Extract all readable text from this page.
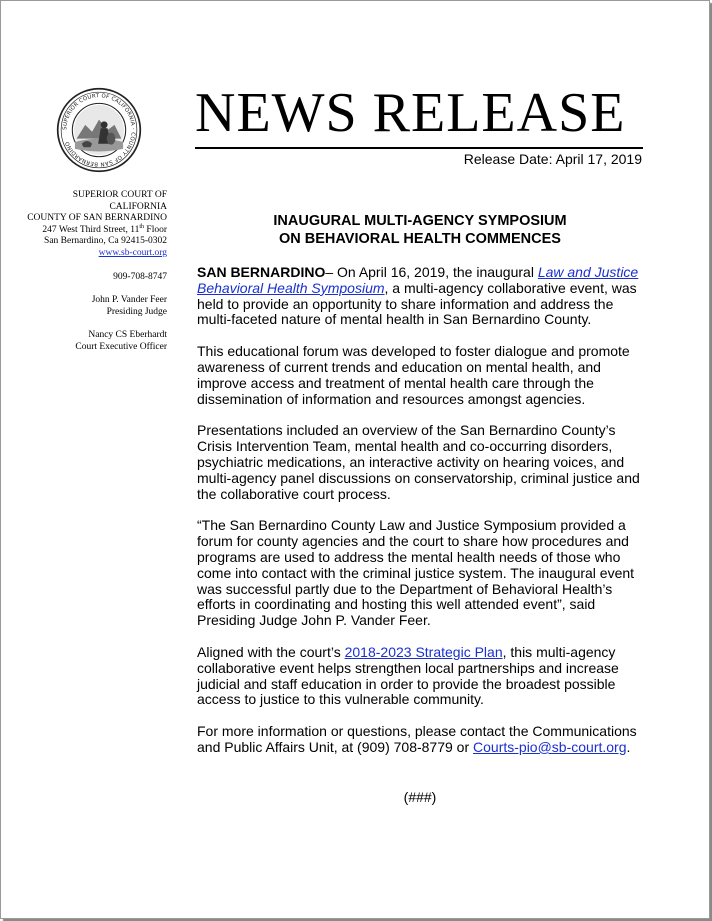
SUPERIOR COURT OF CALIFORNIA · COUNTY OF SAN BERNARDINO	NEWS RELEASE
Release Date: April 17, 2019
SUPERIOR COURT OF
CALIFORNIA
COUNTY OF SAN BERNARDINO
247 West Third Street, 11th Floor
San Bernardino, Ca 92415-0302
www.sb-court.org
909-708-8747
John P. Vander Feer
Presiding Judge
Nancy CS Eberhardt
Court Executive Officer
INAUGURAL MULTI-AGENCY SYMPOSIUM
ON BEHAVIORAL HEALTH COMMENCES

SAN BERNARDINO– On April 16, 2019, the inaugural Law and Justice Behavioral Health Symposium, a multi-agency collaborative event, was held to provide an opportunity to share information and address the multi-faceted nature of mental health in San Bernardino County.

This educational forum was developed to foster dialogue and promote awareness of current trends and education on mental health, and improve access and treatment of mental health care through the dissemination of information and resources amongst agencies.

Presentations included an overview of the San Bernardino County’s Crisis Intervention Team, mental health and co-occurring disorders, psychiatric medications, an interactive activity on hearing voices, and multi-agency panel discussions on conservatorship, criminal justice and the collaborative court process.

“The San Bernardino County Law and Justice Symposium provided a forum for county agencies and the court to share how procedures and programs are used to address the mental health needs of those who come into contact with the criminal justice system. The inaugural event was successful partly due to the Department of Behavioral Health’s efforts in coordinating and hosting this well attended event”, said Presiding Judge John P. Vander Feer.

Aligned with the court’s 2018-2023 Strategic Plan, this multi-agency collaborative event helps strengthen local partnerships and increase judicial and staff education in order to provide the broadest possible access to justice to this vulnerable community.

For more information or questions, please contact the Communications and Public Affairs Unit, at (909) 708-8779 or Courts-pio@sb-court.org.

(###)
